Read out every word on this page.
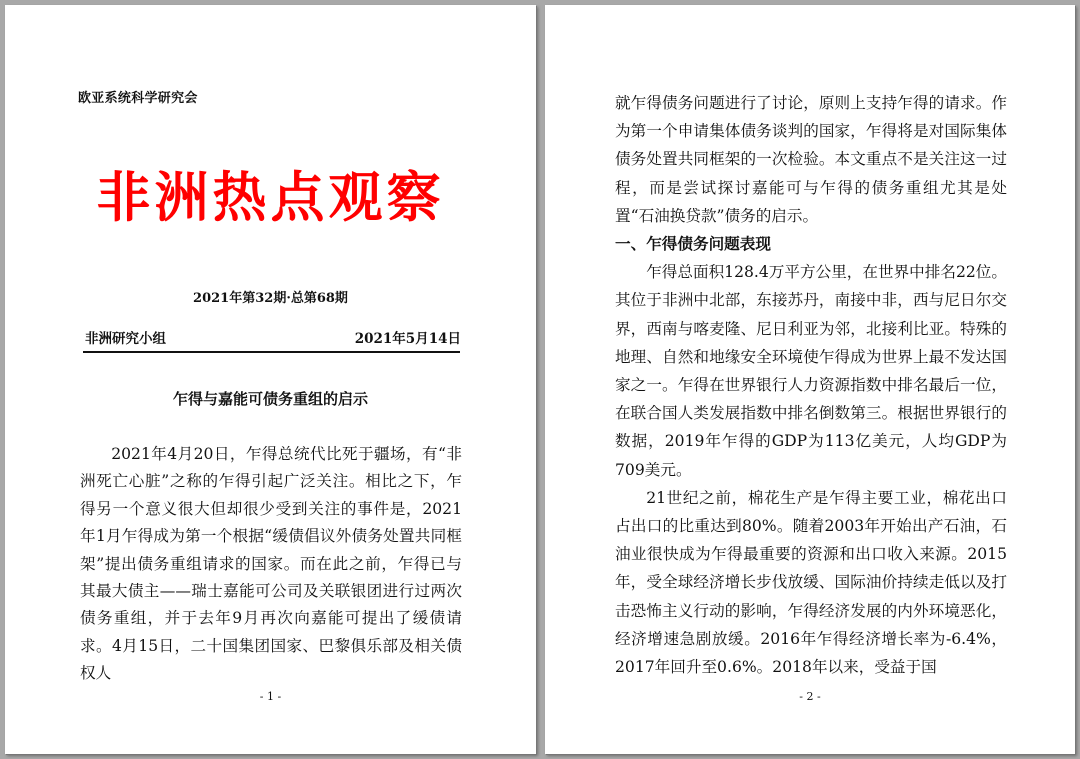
欧亚系统科学研究会
非洲热点观察
2021年第32期·总第68期
非洲研究小组	2021年5月14日
乍得与嘉能可债务重组的启示

2021年4月20日，乍得总统代比死于疆场，有“非洲死亡心脏”之称的乍得引起广泛关注。相比之下，乍得另一个意义很大但却很少受到关注的事件是，2021年1月乍得成为第一个根据“缓债倡议外债务处置共同框架”提出债务重组请求的国家。而在此之前，乍得已与其最大债主——瑞士嘉能可公司及关联银团进行过两次债务重组，并于去年9月再次向嘉能可提出了缓债请求。4月15日，二十国集团国家、巴黎俱乐部及相关债权人

- 1 -

就乍得债务问题进行了讨论，原则上支持乍得的请求。作为第一个申请集体债务谈判的国家，乍得将是对国际集体债务处置共同框架的一次检验。本文重点不是关注这一过程，而是尝试探讨嘉能可与乍得的债务重组尤其是处置“石油换贷款”债务的启示。

一、乍得债务问题表现

乍得总面积128.4万平方公里，在世界中排名22位。其位于非洲中北部，东接苏丹，南接中非，西与尼日尔交界，西南与喀麦隆、尼日利亚为邻，北接利比亚。特殊的地理、自然和地缘安全环境使乍得成为世界上最不发达国家之一。乍得在世界银行人力资源指数中排名最后一位，在联合国人类发展指数中排名倒数第三。根据世界银行的数据，2019年乍得的GDP为113亿美元，人均GDP为709美元。

21世纪之前，棉花生产是乍得主要工业，棉花出口占出口的比重达到80%。随着2003年开始出产石油，石油业很快成为乍得最重要的资源和出口收入来源。2015年，受全球经济增长步伐放缓、国际油价持续走低以及打击恐怖主义行动的影响，乍得经济发展的内外环境恶化，经济增速急剧放缓。2016年乍得经济增长率为-6.4%，2017年回升至0.6%。2018年以来，受益于国

- 2 -
